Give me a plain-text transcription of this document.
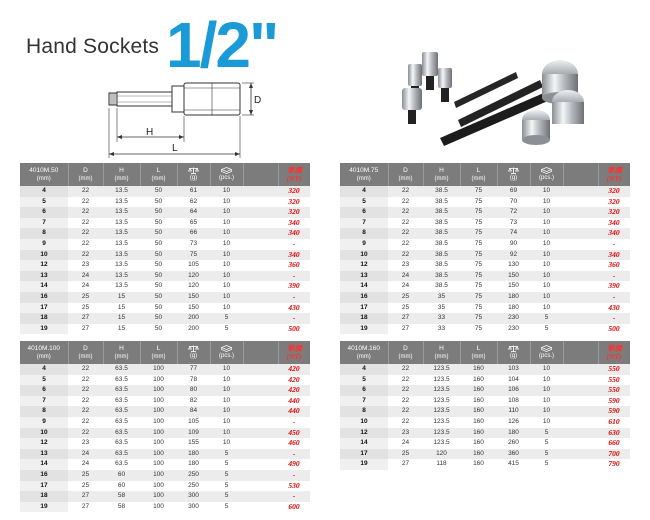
Hand Sockets 1/2"
D
H
L
4010M.50
(mm)	D
(mm)	H
(mm)	L
(mm)	(g)	(pcs.)		單價
(NT)

4	22	13.5	50	61	10		320
5	22	13.5	50	62	10		320
6	22	13.5	50	64	10		320
7	22	13.5	50	65	10		340
8	22	13.5	50	66	10		340
9	22	13.5	50	73	10		-
10	22	13.5	50	75	10		340
12	23	13.5	50	105	10		360
13	24	13.5	50	120	10		-
14	24	13.5	50	120	10		390
16	25	15	50	150	10		-
17	25	15	50	150	10		430
18	27	15	50	200	5		-
19	27	15	50	200	5		500
4010M.75
(mm)	D
(mm)	H
(mm)	L
(mm)	(g)	(pcs.)		單價
(NT)

4	22	38.5	75	69	10		320
5	22	38.5	75	70	10		320
6	22	38.5	75	72	10		320
7	22	38.5	75	73	10		340
8	22	38.5	75	74	10		340
9	22	38.5	75	90	10		-
10	22	38.5	75	92	10		340
12	23	38.5	75	130	10		360
13	24	38.5	75	150	10		-
14	24	38.5	75	150	10		390
16	25	35	75	180	10		-
17	25	35	75	180	10		430
18	27	33	75	230	5		-
19	27	33	75	230	5		500
4010M.100
(mm)	D
(mm)	H
(mm)	L
(mm)	(g)	(pcs.)		單價
(NT)

4	22	63.5	100	77	10		420
5	22	63.5	100	78	10		420
6	22	63.5	100	80	10		420
7	22	63.5	100	82	10		440
8	22	63.5	100	84	10		440
9	22	63.5	100	105	10		-
10	22	63.5	100	109	10		450
12	23	63.5	100	155	10		460
13	24	63.5	100	180	5		-
14	24	63.5	100	180	5		490
16	25	60	100	250	5		-
17	25	60	100	250	5		530
18	27	58	100	300	5		-
19	27	58	100	300	5		600
4010M.160
(mm)	D
(mm)	H
(mm)	L
(mm)	(g)	(pcs.)		單價
(NT)

4	22	123.5	160	103	10		550
5	22	123.5	160	104	10		550
6	22	123.5	160	106	10		550
7	22	123.5	160	108	10		590
8	22	123.5	160	110	10		590
10	22	123.5	160	126	10		610
12	23	123.5	160	180	5		630
14	24	123.5	160	260	5		660
17	25	120	160	360	5		700
19	27	118	160	415	5		790
